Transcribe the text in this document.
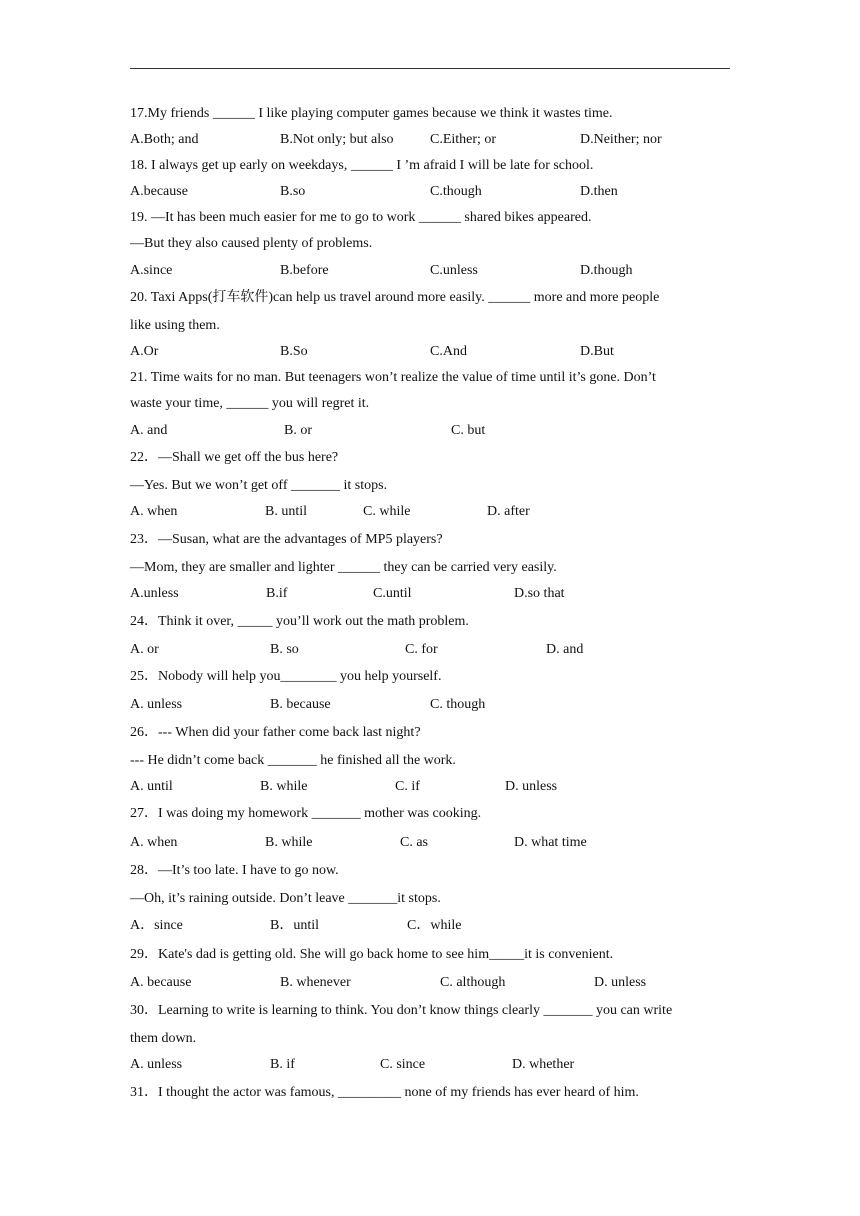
17.My friends ______ I like playing computer games because we think it wastes time.
A.Both; and	B.Not only; but also	C.Either; or	D.Neither; nor
18. I always get up early on weekdays, ______ I ’m afraid I will be late for school.
A.because	B.so	C.though	D.then
19. —It has been much easier for me to go to work ______ shared bikes appeared.
—But they also caused plenty of problems.
A.since	B.before	C.unless	D.though
20. Taxi Apps(打车软件)can help us travel around more easily. ______ more and more people
like using them.
A.Or	B.So	C.And	D.But
21. Time waits for no man. But teenagers won’t realize the value of time until it’s gone. Don’t
waste your time, ______ you will regret it.
A. and	B. or	C. but
22．—Shall we get off the bus here?
—Yes. But we won’t get off _______ it stops.
A. when	B. until	C. while	D. after
23．—Susan, what are the advantages of MP5 players?
—Mom, they are smaller and lighter ______ they can be carried very easily.
A.unless	B.if	C.until	D.so that
24．Think it over, _____ you’ll work out the math problem.
A. or	B. so	C. for	D. and
25．Nobody will help you________ you help yourself.
A. unless	B. because	C. though
26．--- When did your father come back last night?
--- He didn’t come back _______ he finished all the work.
A. until	B. while	C. if	D. unless
27．I was doing my homework _______ mother was cooking.
A. when	B. while	C. as	D. what time
28．—It’s too late. I have to go now.
—Oh, it’s raining outside. Don’t leave _______it stops.
A．since	B．until	C．while
29．Kate's dad is getting old. She will go back home to see him_____it is convenient.
A. because	B. whenever	C. although	D. unless
30．Learning to write is learning to think. You don’t know things clearly _______ you can write
them down.
A. unless	B. if	C. since	D. whether
31．I thought the actor was famous, _________ none of my friends has ever heard of him.
